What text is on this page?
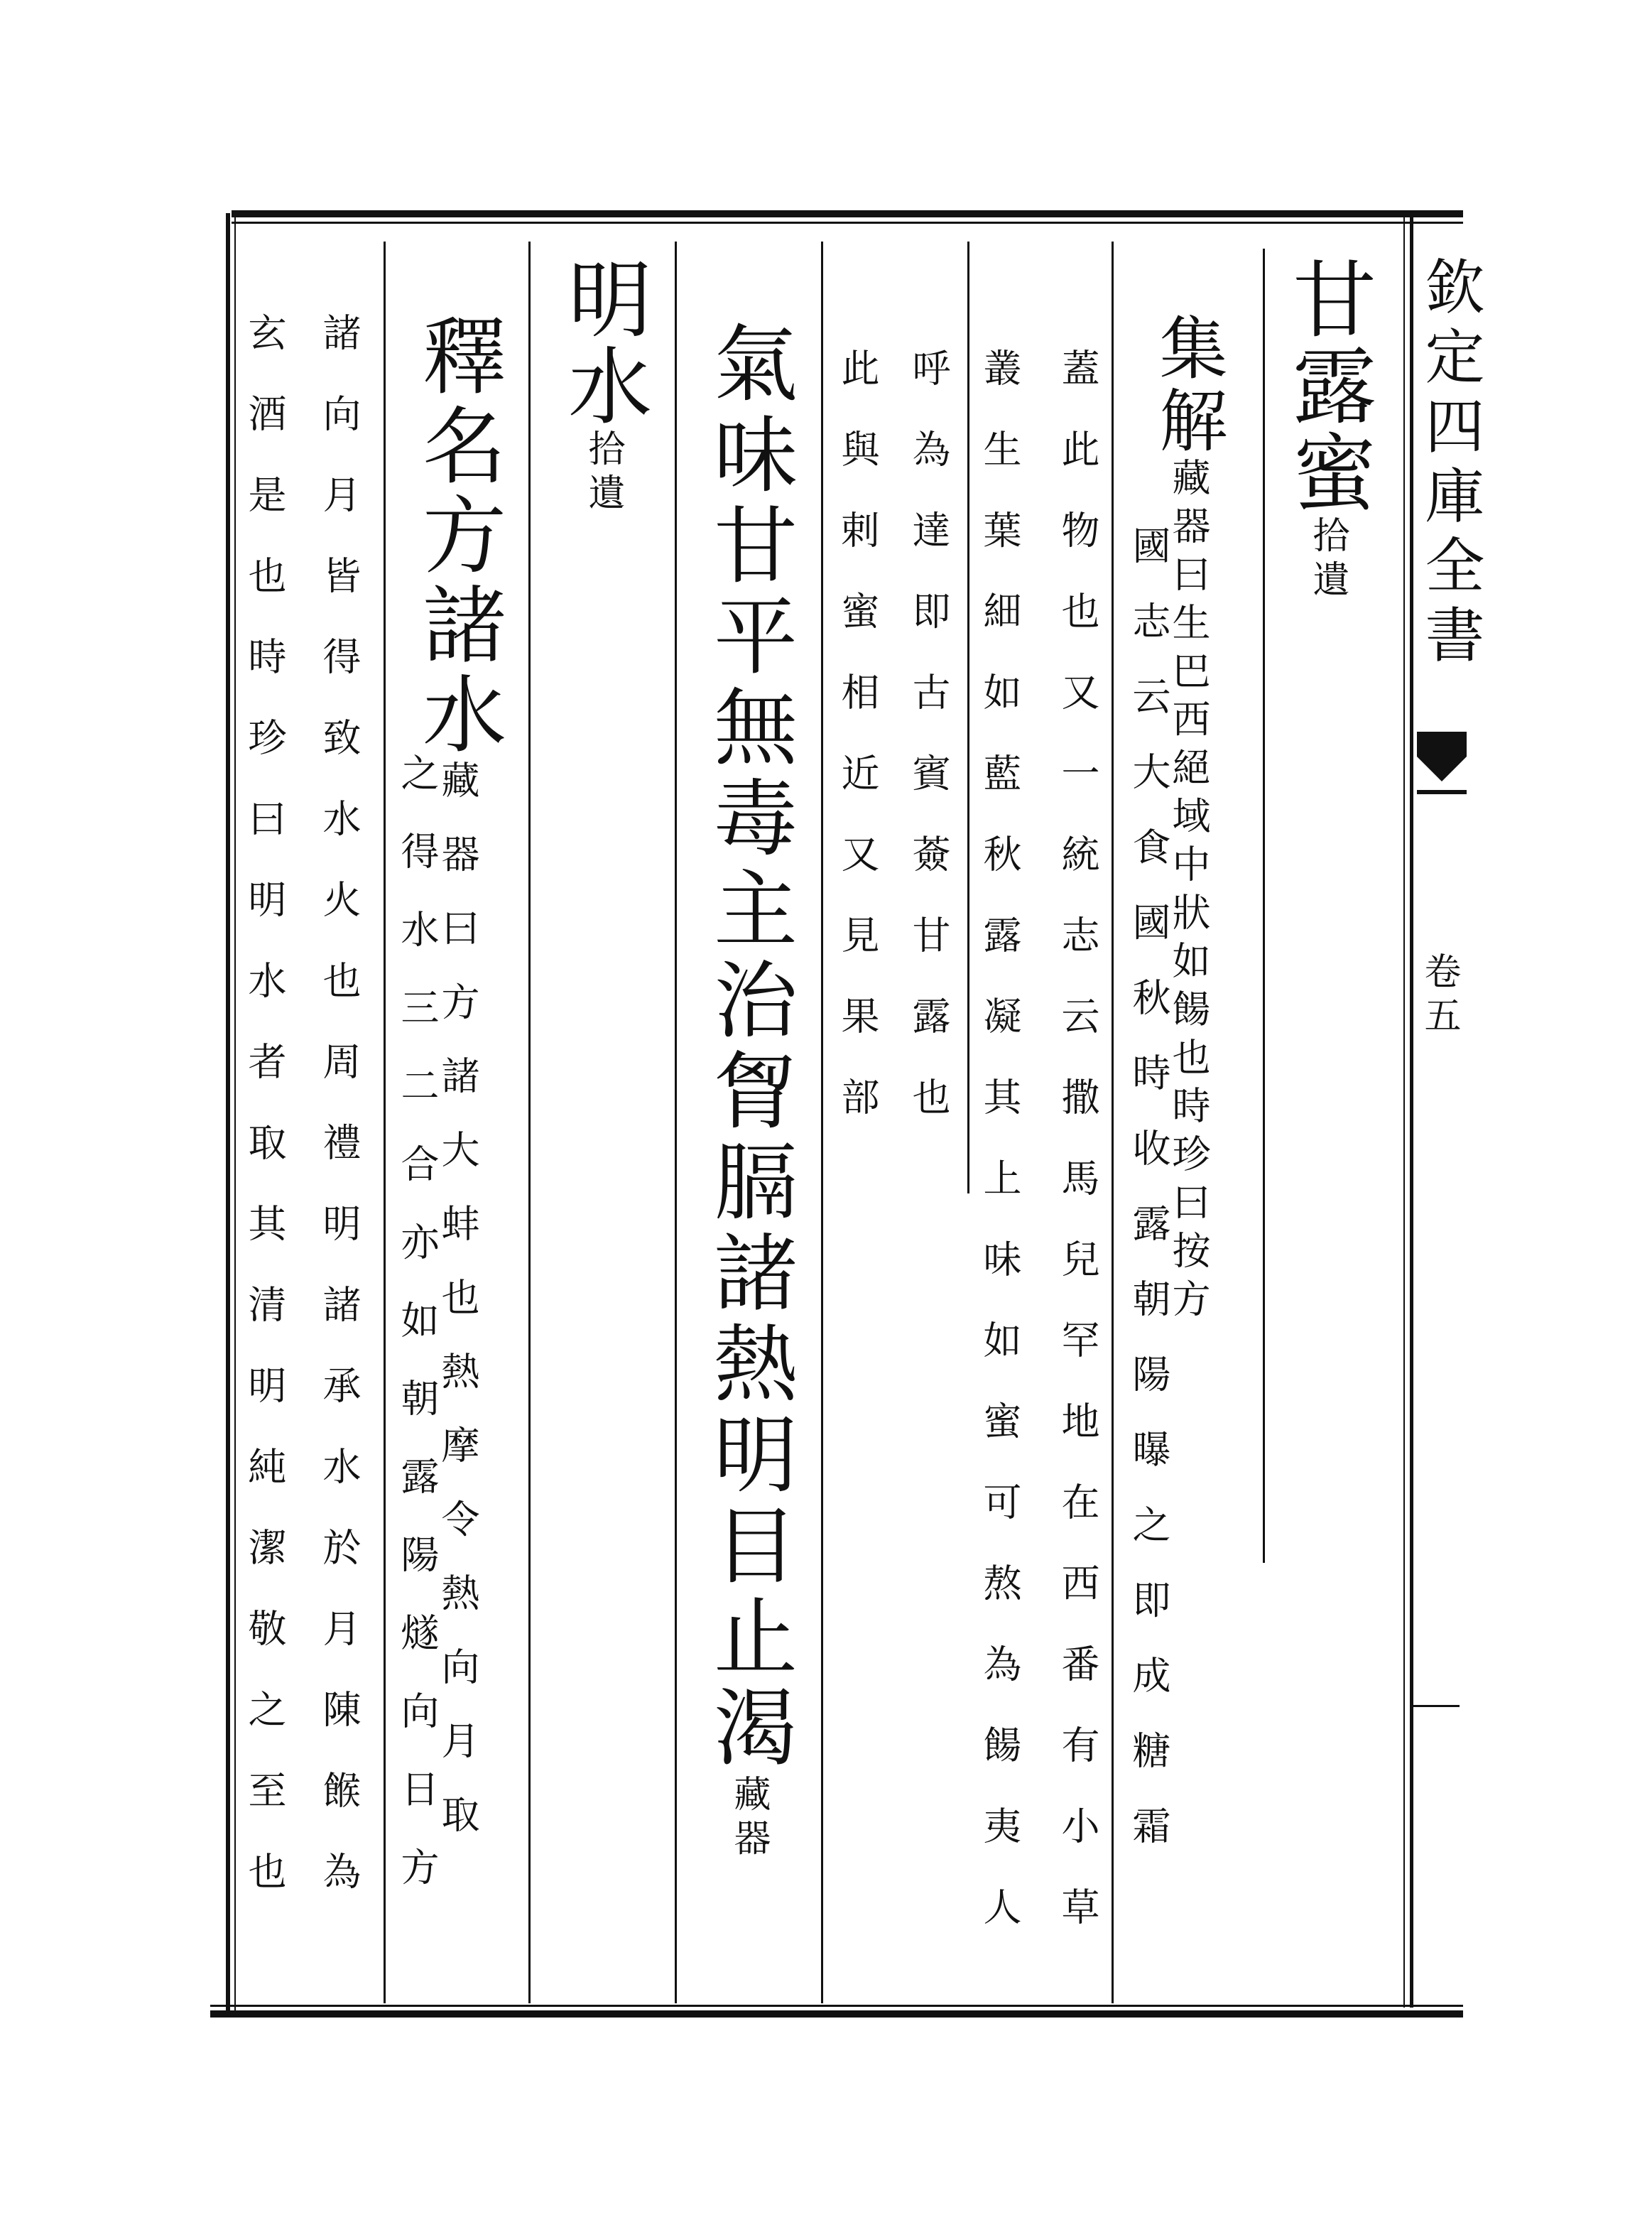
欽定四庫全書
卷五
甘露蜜拾遺
集解藏器曰生巴西絕域中狀如餳也時珍曰按方
國志云大食國秋時收露朝陽曝之即成糖霜
蓋此物也又一統志云撒馬兒罕地在西番有小草
叢生葉細如藍秋露凝其上味如蜜可熬為餳夷人
呼為達即古賓薟甘露也
此與剌蜜相近又見果部
氣味甘平無毒主治胷膈諸熱明目止渴藏器
明水拾遺
釋名方諸水藏器曰方諸大蚌也熱摩令熱向月取
之得水三二合亦如朝露陽燧向日方
諸向月皆得致水火也周禮明諸承水於月陳餱為
玄酒是也時珍曰明水者取其清明純潔敬之至也
